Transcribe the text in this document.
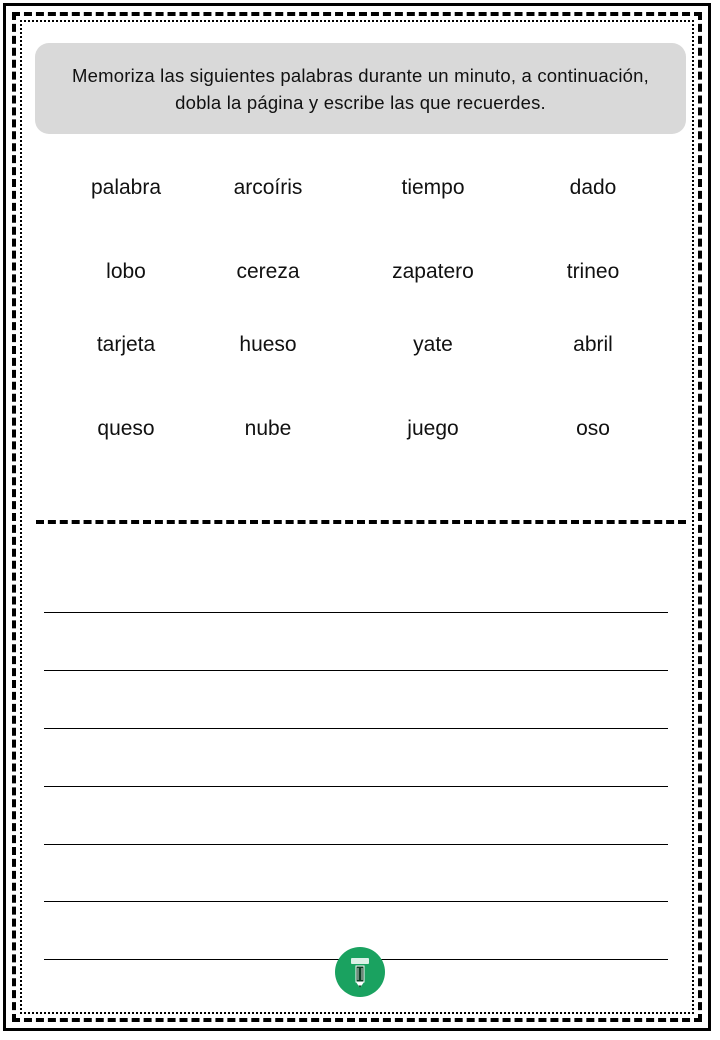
Memoriza las siguientes palabras durante un minuto, a continuación, dobla la página y escribe las que recuerdes.
palabra	arcoíris	tiempo	dado
lobo	cereza	zapatero	trineo
tarjeta	hueso	yate	abril
queso	nube	juego	oso
